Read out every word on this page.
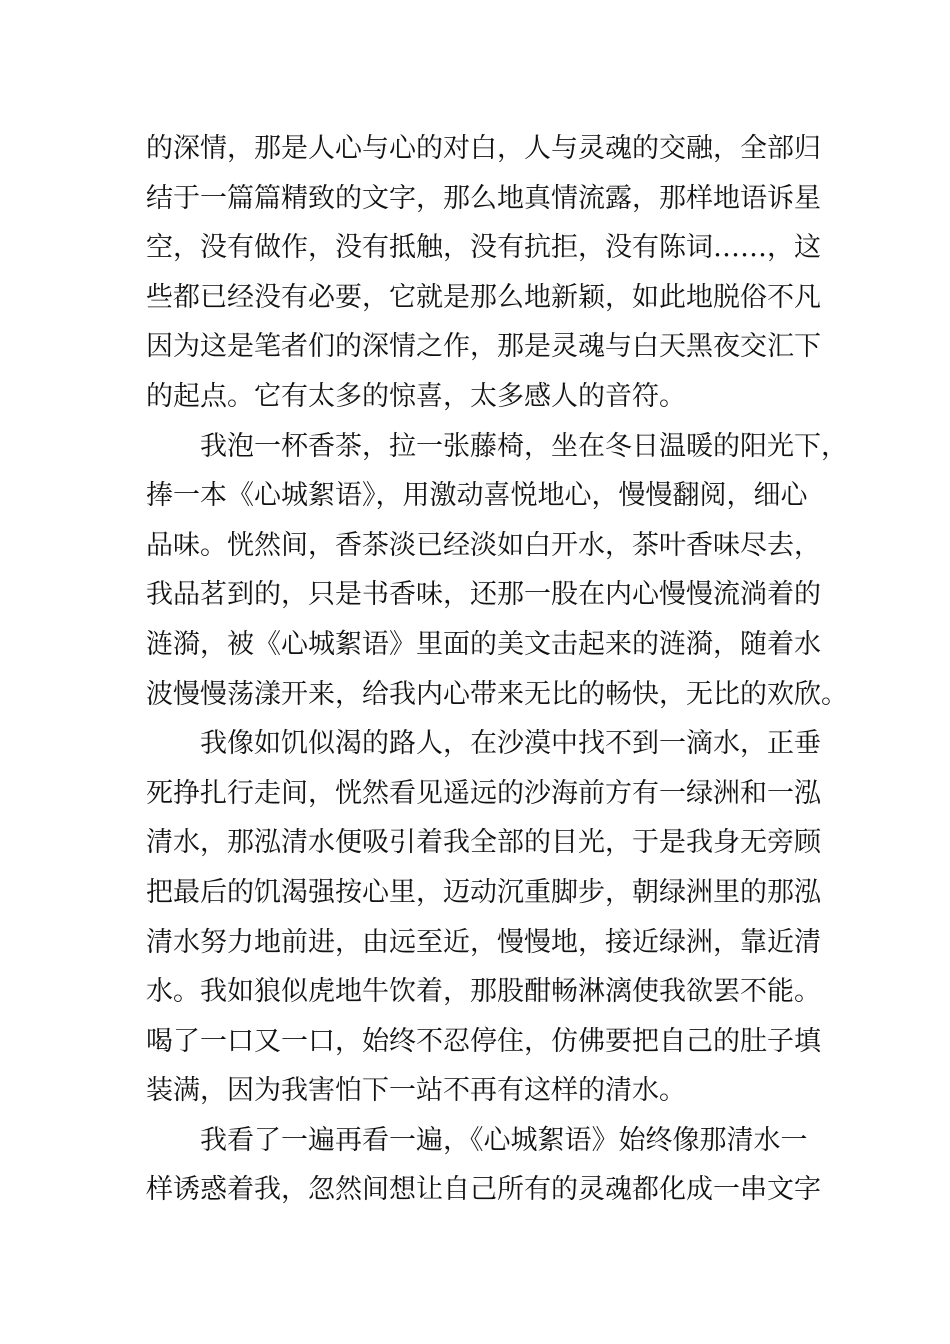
的深情，那是人心与心的对白，人与灵魂的交融，全部归
结于一篇篇精致的文字，那么地真情流露，那样地语诉星
空，没有做作，没有抵触，没有抗拒，没有陈词……，这
些都已经没有必要，它就是那么地新颖，如此地脱俗不凡
因为这是笔者们的深情之作，那是灵魂与白天黑夜交汇下
的起点。它有太多的惊喜，太多感人的音符。
我泡一杯香茶，拉一张藤椅，坐在冬日温暖的阳光下，
捧一本《心城絮语》，用激动喜悦地心，慢慢翻阅，细心
品味。恍然间，香茶淡已经淡如白开水，茶叶香味尽去，
我品茗到的，只是书香味，还那一股在内心慢慢流淌着的
涟漪，被《心城絮语》里面的美文击起来的涟漪，随着水
波慢慢荡漾开来，给我内心带来无比的畅快，无比的欢欣。
我像如饥似渴的路人，在沙漠中找不到一滴水，正垂
死挣扎行走间，恍然看见遥远的沙海前方有一绿洲和一泓
清水，那泓清水便吸引着我全部的目光，于是我身无旁顾
把最后的饥渴强按心里，迈动沉重脚步，朝绿洲里的那泓
清水努力地前进，由远至近，慢慢地，接近绿洲，靠近清
水。我如狼似虎地牛饮着，那股酣畅淋漓使我欲罢不能。
喝了一口又一口，始终不忍停住，仿佛要把自己的肚子填
装满，因为我害怕下一站不再有这样的清水。
我看了一遍再看一遍，《心城絮语》始终像那清水一
样诱惑着我，忽然间想让自己所有的灵魂都化成一串文字
